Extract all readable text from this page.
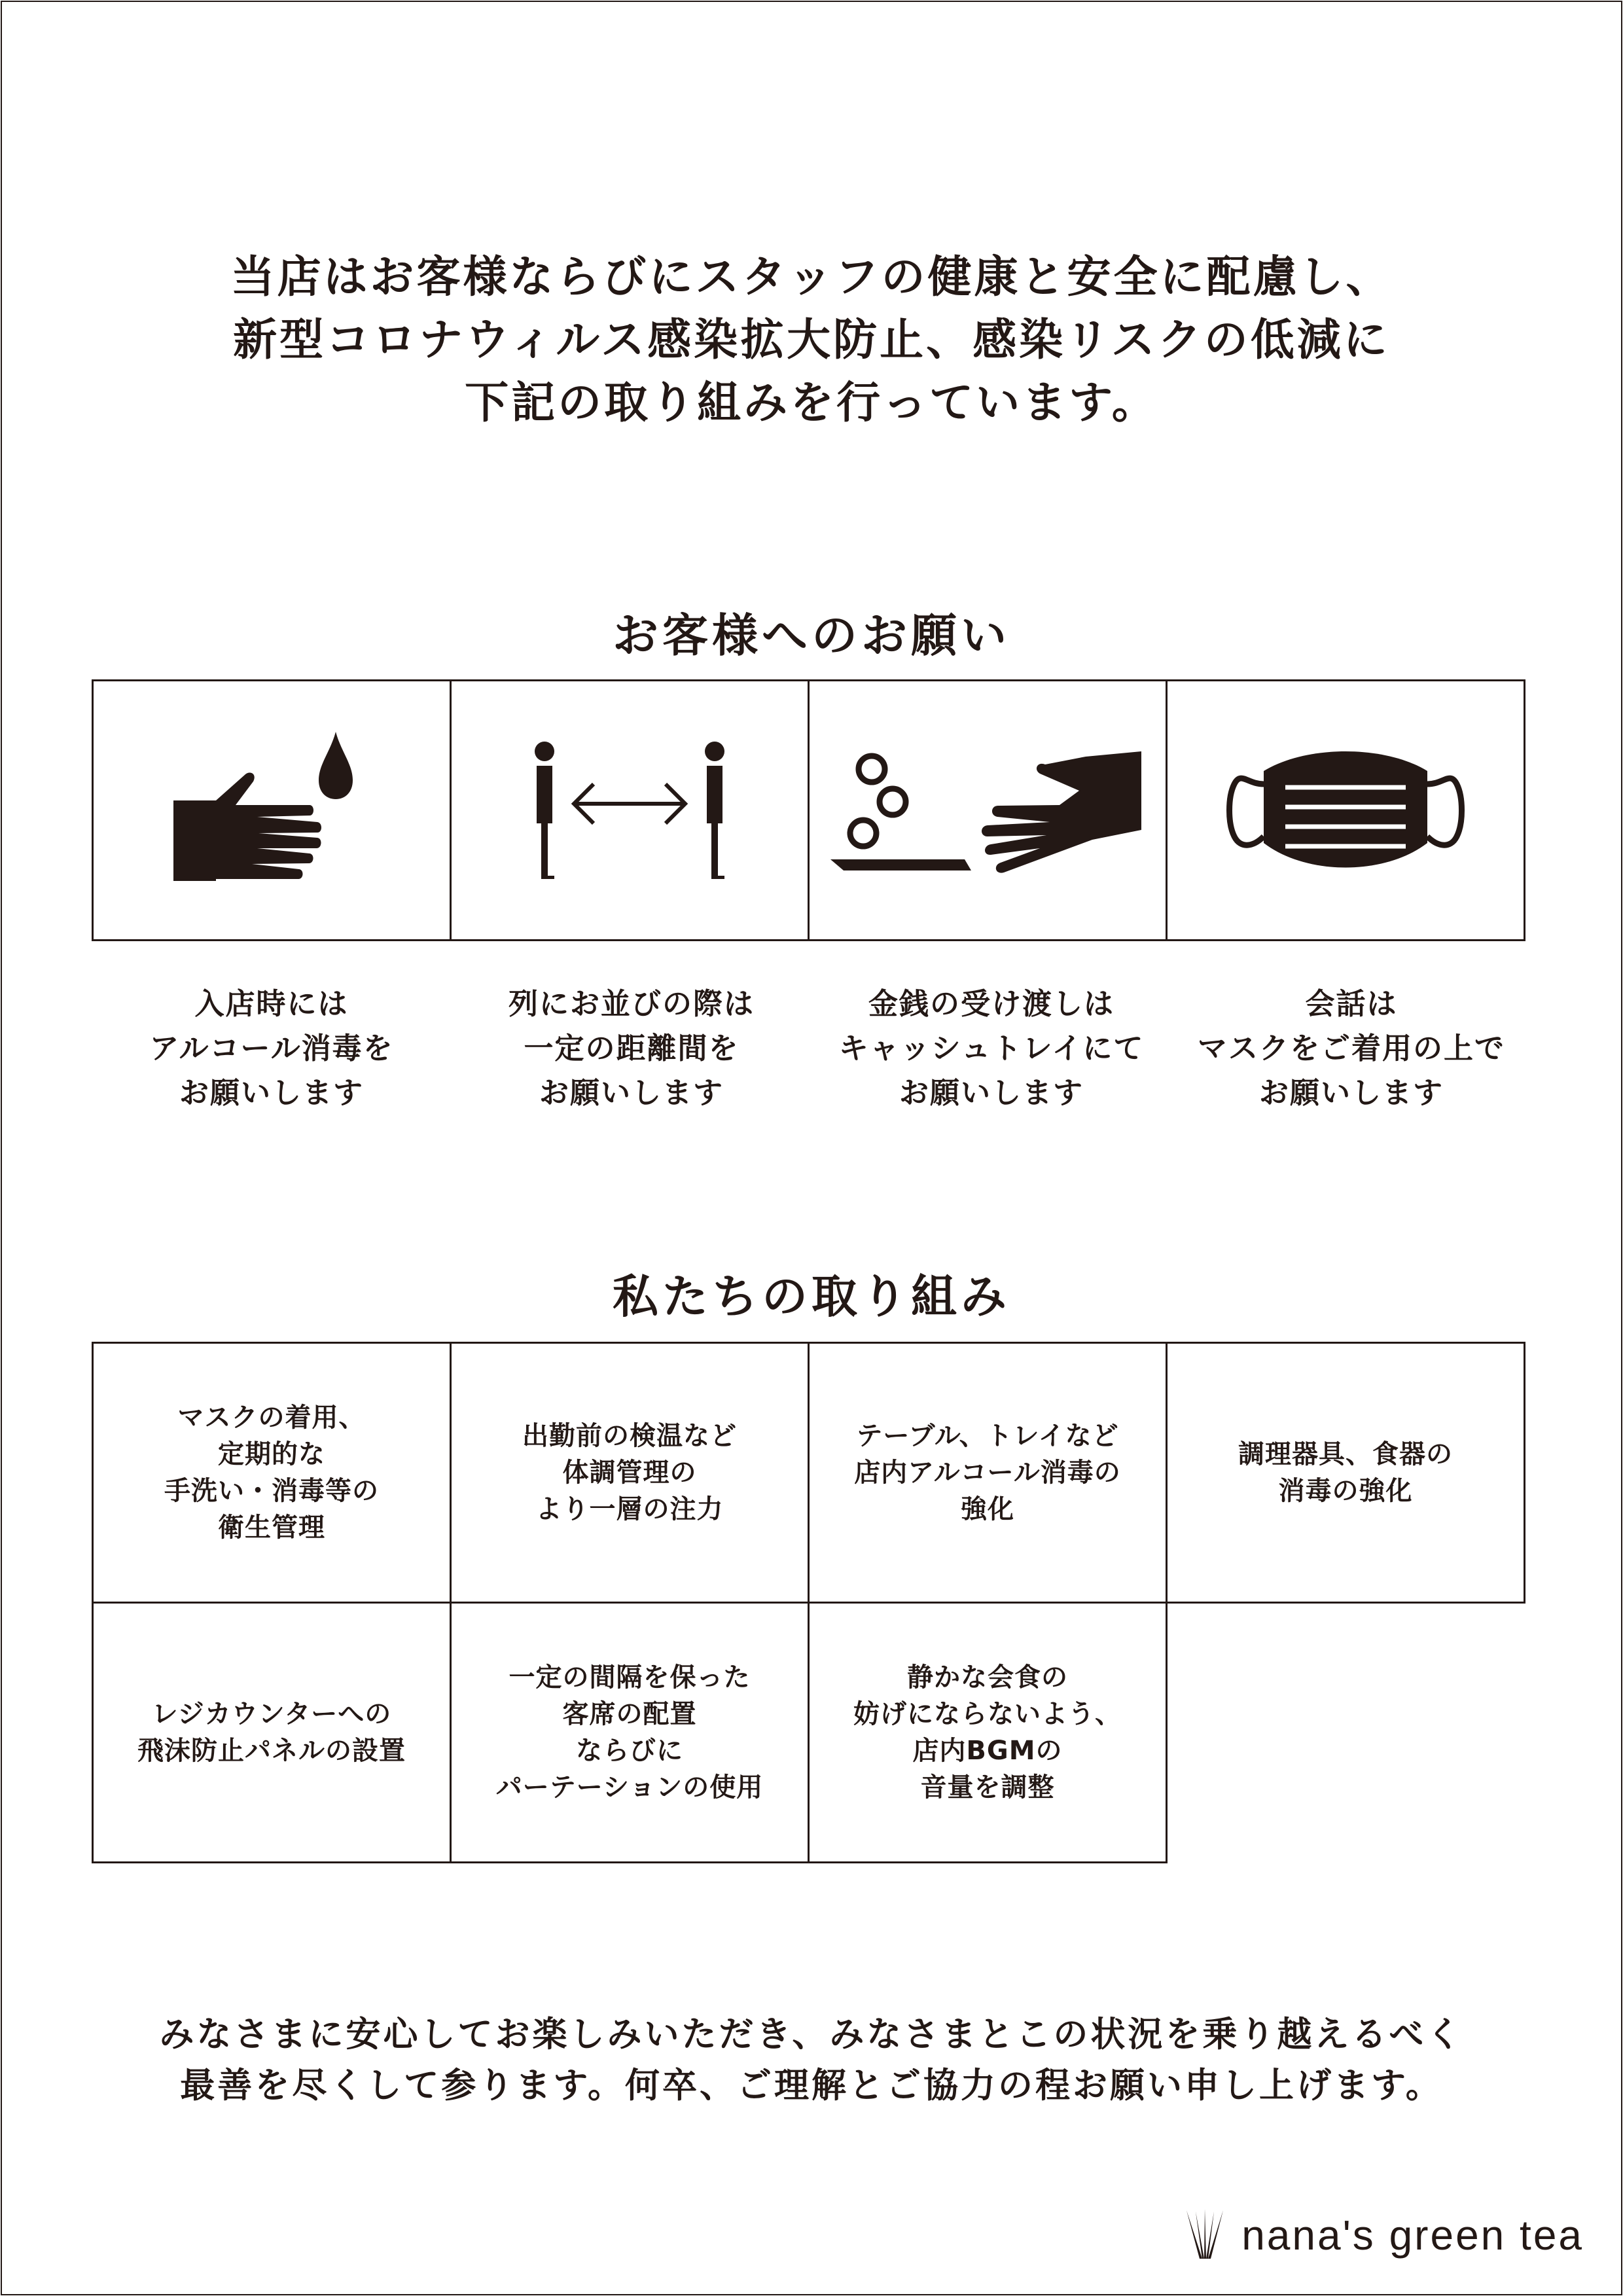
当店はお客様ならびにスタッフの健康と安全に配慮し、
新型コロナウィルス感染拡大防止、感染リスクの低減に
下記の取り組みを行っています。
お客様へのお願い
入店時には
アルコール消毒を
お願いします
列にお並びの際は
一定の距離間を
お願いします
金銭の受け渡しは
キャッシュトレイにて
お願いします
会話は
マスクをご着用の上で
お願いします
私たちの取り組み
マスクの着用、
定期的な
手洗い・消毒等の
衛生管理
出勤前の検温など
体調管理の
より一層の注力
テーブル、トレイなど
店内アルコール消毒の
強化
調理器具、食器の
消毒の強化
レジカウンターへの
飛沫防止パネルの設置
一定の間隔を保った
客席の配置
ならびに
パーテーションの使用
静かな会食の
妨げにならないよう、
店内BGMの
音量を調整
みなさまに安心してお楽しみいただき、みなさまとこの状況を乗り越えるべく
最善を尽くして参ります。何卒、ご理解とご協力の程お願い申し上げます。
nana's green tea
